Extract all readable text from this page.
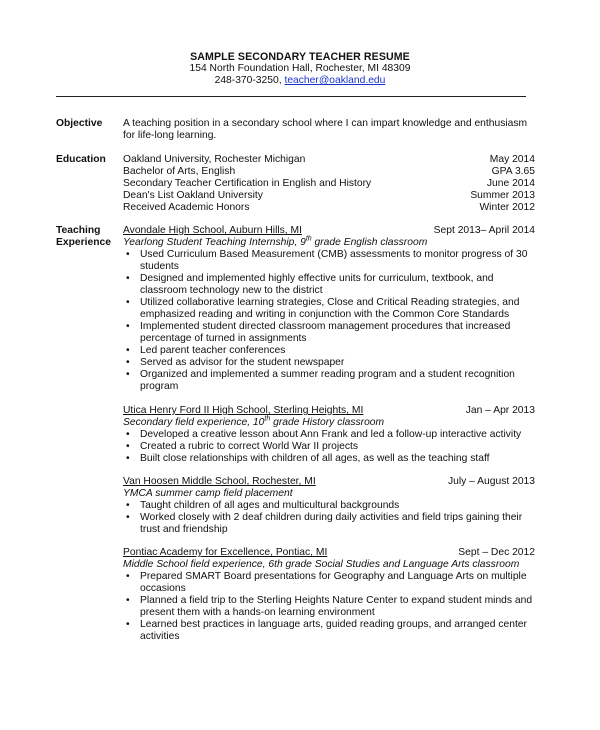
SAMPLE SECONDARY TEACHER RESUME
154 North Foundation Hall, Rochester, MI 48309
248-370-3250, teacher@oakland.edu
Objective	A teaching position in a secondary school where I can impart knowledge and enthusiasm for life-long learning.
Education	Oakland University, Rochester Michigan	May 2014
Bachelor of Arts, English	GPA 3.65
Secondary Teacher Certification in English and History	June 2014
Dean's List Oakland University	Summer 2013
Received Academic Honors	Winter 2012
Teaching
Experience
Avondale High School, Auburn Hills, MI	Sept 2013– April 2014
Yearlong Student Teaching Internship, 9th grade English classroom
• Used Curriculum Based Measurement (CMB) assessments to monitor progress of 30 students
• Designed and implemented highly effective units for curriculum, textbook, and classroom technology new to the district
• Utilized collaborative learning strategies, Close and Critical Reading strategies, and emphasized reading and writing in conjunction with the Common Core Standards
• Implemented student directed classroom management procedures that increased percentage of turned in assignments
• Led parent teacher conferences
• Served as advisor for the student newspaper
• Organized and implemented a summer reading program and a student recognition program
Utica Henry Ford II High School, Sterling Heights, MI	Jan – Apr 2013
Secondary field experience, 10th grade History classroom
• Developed a creative lesson about Ann Frank and led a follow-up interactive activity
• Created a rubric to correct World War II projects
• Built close relationships with children of all ages, as well as the teaching staff
Van Hoosen Middle School, Rochester, MI	July – August 2013
YMCA summer camp field placement
• Taught children of all ages and multicultural backgrounds
• Worked closely with 2 deaf children during daily activities and field trips gaining their trust and friendship
Pontiac Academy for Excellence, Pontiac, MI	Sept – Dec 2012
Middle School field experience, 6th grade Social Studies and Language Arts classroom
• Prepared SMART Board presentations for Geography and Language Arts on multiple occasions
• Planned a field trip to the Sterling Heights Nature Center to expand student minds and present them with a hands-on learning environment
• Learned best practices in language arts, guided reading groups, and arranged center activities
